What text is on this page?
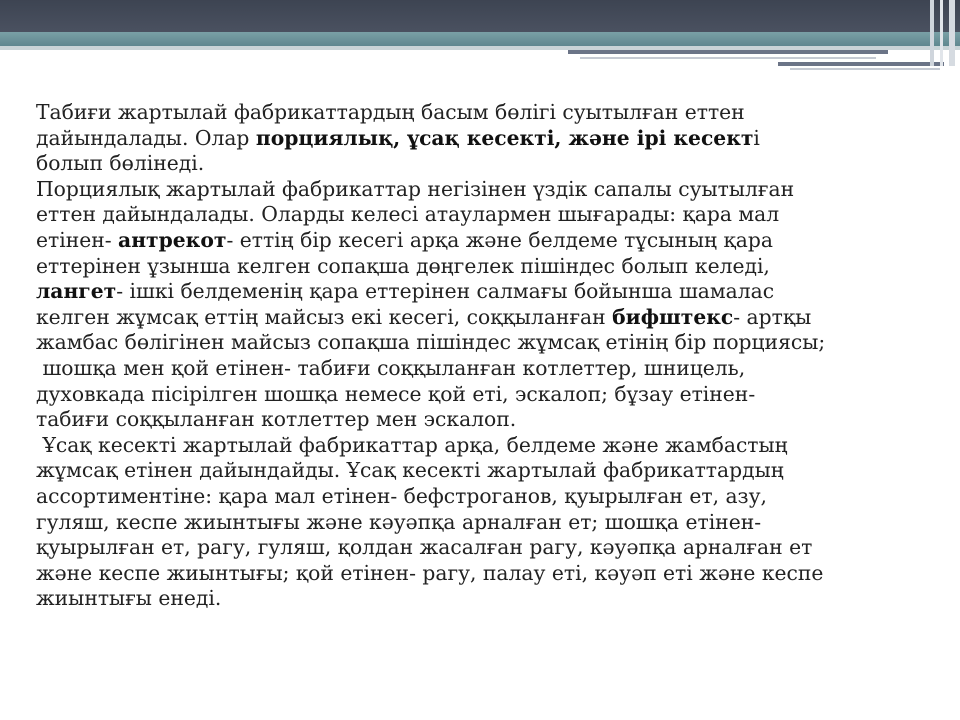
Табиғи жартылай фабрикаттардың басым бөлігі суытылған еттен

дайындалады. Олар порциялық, ұсақ кесекті, және ірі кесекті

болып бөлінеді.

Порциялық жартылай фабрикаттар негізінен үздік сапалы суытылған

еттен дайындалады. Оларды келесі атаулармен шығарады: қара мал

етінен- антрекот- еттің бір кесегі арқа және белдеме тұсының қара

еттерінен ұзынша келген сопақша дөңгелек пішіндес болып келеді,

лангет- ішкі белдеменің қара еттерінен салмағы бойынша шамалас

келген жұмсақ еттің майсыз екі кесегі, соққыланған бифштекс- артқы

жамбас бөлігінен майсыз сопақша пішіндес жұмсақ етінің бір порциясы;

шошқа мен қой етінен- табиғи соққыланған котлеттер, шницель,

духовкада пісірілген шошқа немесе қой еті, эскалоп; бұзау етінен-

табиғи соққыланған котлеттер мен эскалоп.

Ұсақ кесекті жартылай фабрикаттар арқа, белдеме және жамбастың

жұмсақ етінен дайындайды. Ұсақ кесекті жартылай фабрикаттардың

ассортиментіне: қара мал етінен- бефстроганов, қуырылған ет, азу,

гуляш, кеспе жиынтығы және кәуәпқа арналған ет; шошқа етінен-

қуырылған ет, рагу, гуляш, қолдан жасалған рагу, кәуәпқа арналған ет

және кеспе жиынтығы; қой етінен- рагу, палау еті, кәуәп еті және кеспе

жиынтығы енеді.
